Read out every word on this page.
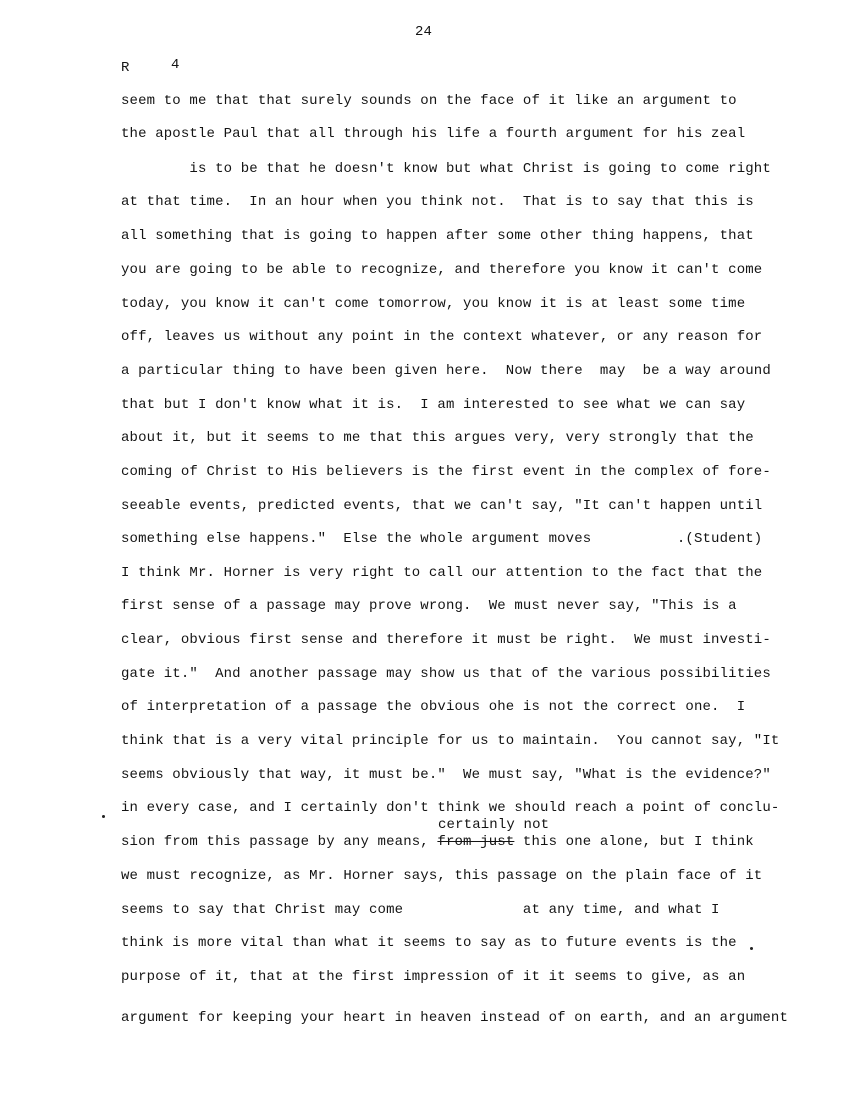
24
R	4
seem to me that that surely sounds on the face of it like an argument to
the apostle Paul that all through his life a fourth argument for his zeal
is to be that he doesn't know but what Christ is going to come right
at that time.  In an hour when you think not.  That is to say that this is
all something that is going to happen after some other thing happens, that
you are going to be able to recognize, and therefore you know it can't come
today, you know it can't come tomorrow, you know it is at least some time
off, leaves us without any point in the context whatever, or any reason for
a particular thing to have been given here.  Now there  may  be a way around
that but I don't know what it is.  I am interested to see what we can say
about it, but it seems to me that this argues very, very strongly that the
coming of Christ to His believers is the first event in the complex of fore-
seeable events, predicted events, that we can't say, "It can't happen until
something else happens."  Else the whole argument moves          .(Student)
I think Mr. Horner is very right to call our attention to the fact that the
first sense of a passage may prove wrong.  We must never say, "This is a
clear, obvious first sense and therefore it must be right.  We must investi-
gate it."  And another passage may show us that of the various possibilities
of interpretation of a passage the obvious ohe is not the correct one.  I
think that is a very vital principle for us to maintain.  You cannot say, "It
seems obviously that way, it must be."  We must say, "What is the evidence?"
in every case, and I certainly don't think we should reach a point of conclu-
certainly not
sion from this passage by any means, from just this one alone, but I think
we must recognize, as Mr. Horner says, this passage on the plain face of it
seems to say that Christ may come              at any time, and what I
think is more vital than what it seems to say as to future events is the
purpose of it, that at the first impression of it it seems to give, as an
argument for keeping your heart in heaven instead of on earth, and an argument
